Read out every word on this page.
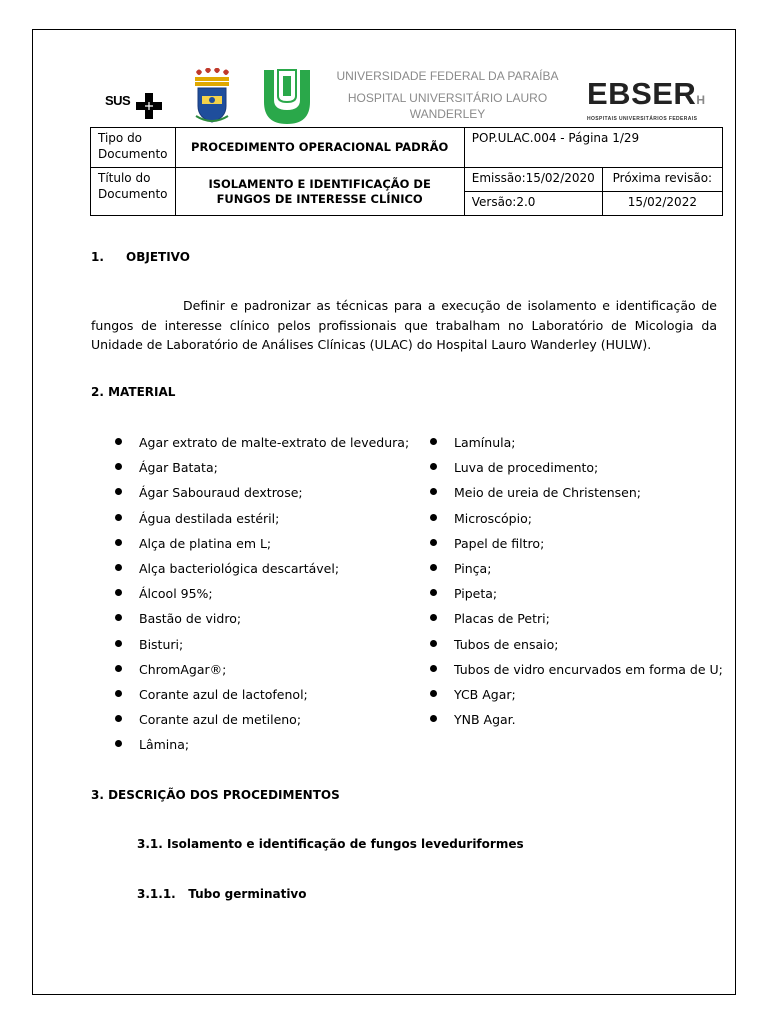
SUS
UNIVERSIDADE FEDERAL DA PARAÍBA
HOSPITAL UNIVERSITÁRIO LAURO WANDERLEY
EBSERH
HOSPITAIS UNIVERSITÁRIOS FEDERAIS
Tipo do Documento	PROCEDIMENTO OPERACIONAL PADRÃO	POP.ULAC.004 - Página 1/29	
Título do Documento	ISOLAMENTO E IDENTIFICAÇÃO DE FUNGOS DE INTERESSE CLÍNICO	Emissão:15/02/2020	Próxima revisão:
		Versão:2.0	15/02/2022
1. OBJETIVO
Definir e padronizar as técnicas para a execução de isolamento e identificação de fungos de interesse clínico pelos profissionais que trabalham no Laboratório de Micologia da Unidade de Laboratório de Análises Clínicas (ULAC) do Hospital Lauro Wanderley (HULW).
2. MATERIAL
Agar extrato de malte-extrato de levedura;
Ágar Batata;
Ágar Sabouraud dextrose;
Água destilada estéril;
Alça de platina em L;
Alça bacteriológica descartável;
Álcool 95%;
Bastão de vidro;
Bisturi;
ChromAgar®;
Corante azul de lactofenol;
Corante azul de metileno;
Lâmina;
Lamínula;
Luva de procedimento;
Meio de ureia de Christensen;
Microscópio;
Papel de filtro;
Pinça;
Pipeta;
Placas de Petri;
Tubos de ensaio;
Tubos de vidro encurvados em forma de U;
YCB Agar;
YNB Agar.
3. DESCRIÇÃO DOS PROCEDIMENTOS
3.1. Isolamento e identificação de fungos leveduriformes
3.1.1.   Tubo germinativo
